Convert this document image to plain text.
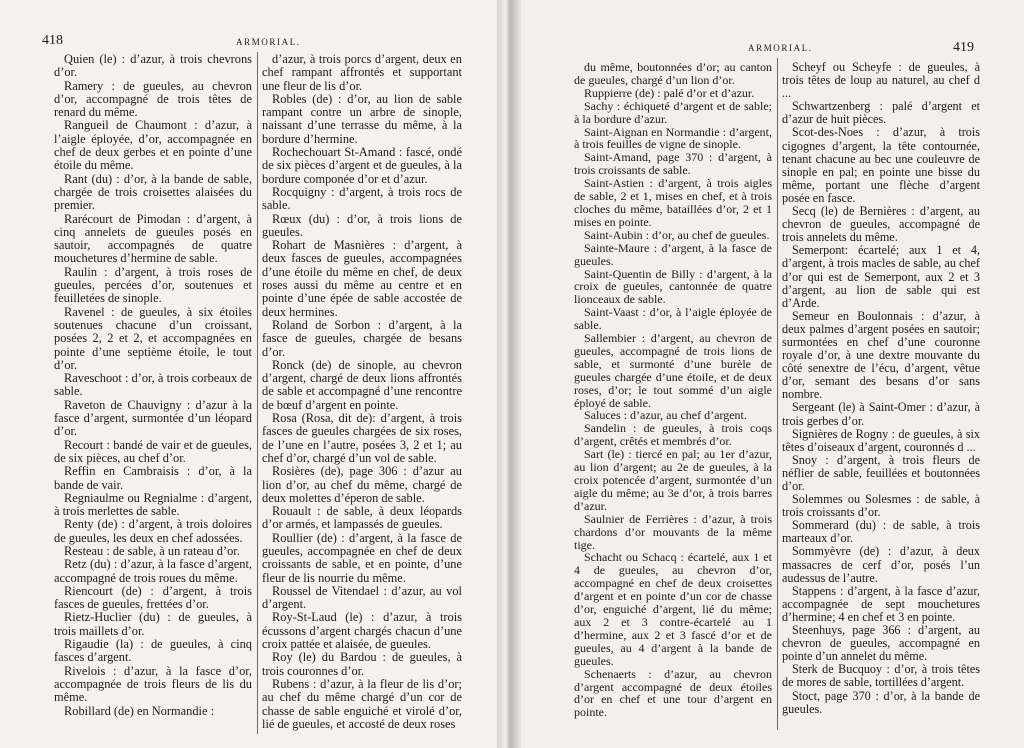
418	ARMORIAL.

Quien (le) : d’azur, à trois chevrons d’or.

Ramery : de gueules, au chevron d’or, accompagné de trois têtes de renard du même.

Rangueil de Chaumont : d’azur, à l’aigle éployée, d’or, accompagnée en chef de deux gerbes et en pointe d’une étoile du même.

Rant (du) : d’or, à la bande de sable, chargée de trois croisettes alaisées du premier.

Rarécourt de Pimodan : d’argent, à cinq annelets de gueules posés en sautoir, accompagnés de quatre mouchetures d’hermine de sable.

Raulin : d’argent, à trois roses de gueules, percées d’or, soutenues et feuilletées de sinople.

Ravenel : de gueules, à six étoiles soutenues chacune d’un croissant, posées 2, 2 et 2, et accompagnées en pointe d’une septième étoile, le tout d’or.

Raveschoot : d’or, à trois corbeaux de sable.

Raveton de Chauvigny : d’azur à la fasce d’argent, surmontée d’un léopard d’or.

Recourt : bandé de vair et de gueules, de six pièces, au chef d’or.

Reffin en Cambraisis : d’or, à la bande de vair.

Regniaulme ou Regnialme : d’argent, à trois merlettes de sable.

Renty (de) : d’argent, à trois doloires de gueules, les deux en chef adossées.

Resteau : de sable, à un rateau d’or.

Retz (du) : d’azur, à la fasce d’argent, accompagné de trois roues du même.

Riencourt (de) : d’argent, à trois fasces de gueules, frettées d’or.

Rietz-Huclier (du) : de gueules, à trois maillets d’or.

Rigaudie (la) : de gueules, à cinq fasces d’argent.

Rivelois : d’azur, à la fasce d’or, accompagnée de trois fleurs de lis du même.

Robillard (de) en Normandie :

d’azur, à trois porcs d’argent, deux en chef rampant affrontés et supportant une fleur de lis d’or.

Robles (de) : d’or, au lion de sable rampant contre un arbre de sinople, naissant d’une terrasse du même, à la bordure d’hermine.

Rochechouart St-Amand : fascé, ondé de six pièces d’argent et de gueules, à la bordure componée d’or et d’azur.

Rocquigny : d’argent, à trois rocs de sable.

Rœux (du) : d’or, à trois lions de gueules.

Rohart de Masnières : d’argent, à deux fasces de gueules, accompagnées d’une étoile du même en chef, de deux roses aussi du même au centre et en pointe d’une épée de sable accostée de deux hermines.

Roland de Sorbon : d’argent, à la fasce de gueules, chargée de besans d’or.

Ronck (de) de sinople, au chevron d’argent, chargé de deux lions affrontés de sable et accompagné d’une rencontre de bœuf d’argent en pointe.

Rosa (Rosa, dit de): d’argent, à trois fasces de gueules chargées de six roses, de l’une en l’autre, posées 3, 2 et 1; au chef d’or, chargé d’un vol de sable.

Rosières (de), page 306 : d’azur au lion d’or, au chef du même, chargé de deux molettes d’éperon de sable.

Rouault : de sable, à deux léopards d’or armés, et lampassés de gueules.

Roullier (de) : d’argent, à la fasce de gueules, accompagnée en chef de deux croissants de sable, et en pointe, d’une fleur de lis nourrie du même.

Roussel de Vitendael : d’azur, au vol d’argent.

Roy-St-Laud (le) : d’azur, à trois écussons d’argent chargés chacun d’une croix pattée et alaisée, de gueules.

Roy (le) du Bardou : de gueules, à trois couronnes d’or.

Rubens : d’azur, à la fleur de lis d’or; au chef du même chargé d’un cor de chasse de sable enguiché et virolé d’or, lié de gueules, et accosté de deux roses

ARMORIAL.	419

du même, boutonnées d’or; au canton de gueules, chargé d’un lion d’or.

Ruppierre (de) : palé d’or et d’azur.

Sachy : échiqueté d’argent et de sable; à la bordure d’azur.

Saint-Aignan en Normandie : d’argent, à trois feuilles de vigne de sinople.

Saint-Amand, page 370 : d’argent, à trois croissants de sable.

Saint-Astien : d’argent, à trois aigles de sable, 2 et 1, mises en chef, et à trois cloches du même, bataillées d’or, 2 et 1 mises en pointe.

Saint-Aubin : d’or, au chef de gueules.

Sainte-Maure : d’argent, à la fasce de gueules.

Saint-Quentin de Billy : d’argent, à la croix de gueules, cantonnée de quatre lionceaux de sable.

Saint-Vaast : d’or, à l’aigle éployée de sable.

Sallembier : d’argent, au chevron de gueules, accompagné de trois lions de sable, et surmonté d’une burèle de gueules chargée d’une étoile, et de deux roses, d’or; le tout sommé d’un aigle éployé de sable.

Saluces : d’azur, au chef d’argent.

Sandelin : de gueules, à trois coqs d’argent, crêtés et membrés d’or.

Sart (le) : tiercé en pal; au 1er d’azur, au lion d’argent; au 2e de gueules, à la croix potencée d’argent, surmontée d’un aigle du même; au 3e d’or, à trois barres d’azur.

Saulnier de Ferrières : d’azur, à trois chardons d’or mouvants de la même tige.

Schacht ou Schacq : écartelé, aux 1 et 4 de gueules, au chevron d’or, accompagné en chef de deux croisettes d’argent et en pointe d’un cor de chasse d’or, enguiché d’argent, lié du même; aux 2 et 3 contre-écartelé au 1 d’hermine, aux 2 et 3 fascé d’or et de gueules, au 4 d’argent à la bande de gueules.

Schenaerts : d’azur, au chevron d’argent accompagné de deux étoiles d’or en chef et une tour d’argent en pointe.

Scheyf ou Scheyfe : de gueules, à trois têtes de loup au naturel, au chef d ...

Schwartzenberg : palé d’argent et d’azur de huit pièces.

Scot-des-Noes : d’azur, à trois cigognes d’argent, la tête contournée, tenant chacune au bec une couleuvre de sinople en pal; en pointe une bisse du même, portant une flèche d’argent posée en fasce.

Secq (le) de Bernières : d’argent, au chevron de gueules, accompagné de trois annelets du même.

Semerpont: écartelé; aux 1 et 4, d’argent, à trois macles de sable, au chef d’or qui est de Semerpont, aux 2 et 3 d’argent, au lion de sable qui est d’Arde.

Semeur en Boulonnais : d’azur, à deux palmes d’argent posées en sautoir; surmontées en chef d’une couronne royale d’or, à une dextre mouvante du côté senextre de l’écu, d’argent, vêtue d’or, semant des besans d’or sans nombre.

Sergeant (le) à Saint-Omer : d’azur, à trois gerbes d’or.

Signières de Rogny : de gueules, à six têtes d’oiseaux d’argent, couronnés d ...

Snoy : d’argent, à trois fleurs de néflier de sable, feuillées et boutonnées d’or.

Solemmes ou Solesmes : de sable, à trois croissants d’or.

Sommerard (du) : de sable, à trois marteaux d’or.

Sommyèvre (de) : d’azur, à deux massacres de cerf d’or, posés l’un audessus de l’autre.

Stappens : d’argent, à la fasce d’azur, accompagnée de sept mouchetures d’hermine; 4 en chef et 3 en pointe.

Steenhuys, page 366 : d’argent, au chevron de gueules, accompagné en pointe d’un annelet du même.

Sterk de Bucquoy : d’or, à trois têtes de mores de sable, tortillées d’argent.

Stoct, page 370 : d’or, à la bande de gueules.
